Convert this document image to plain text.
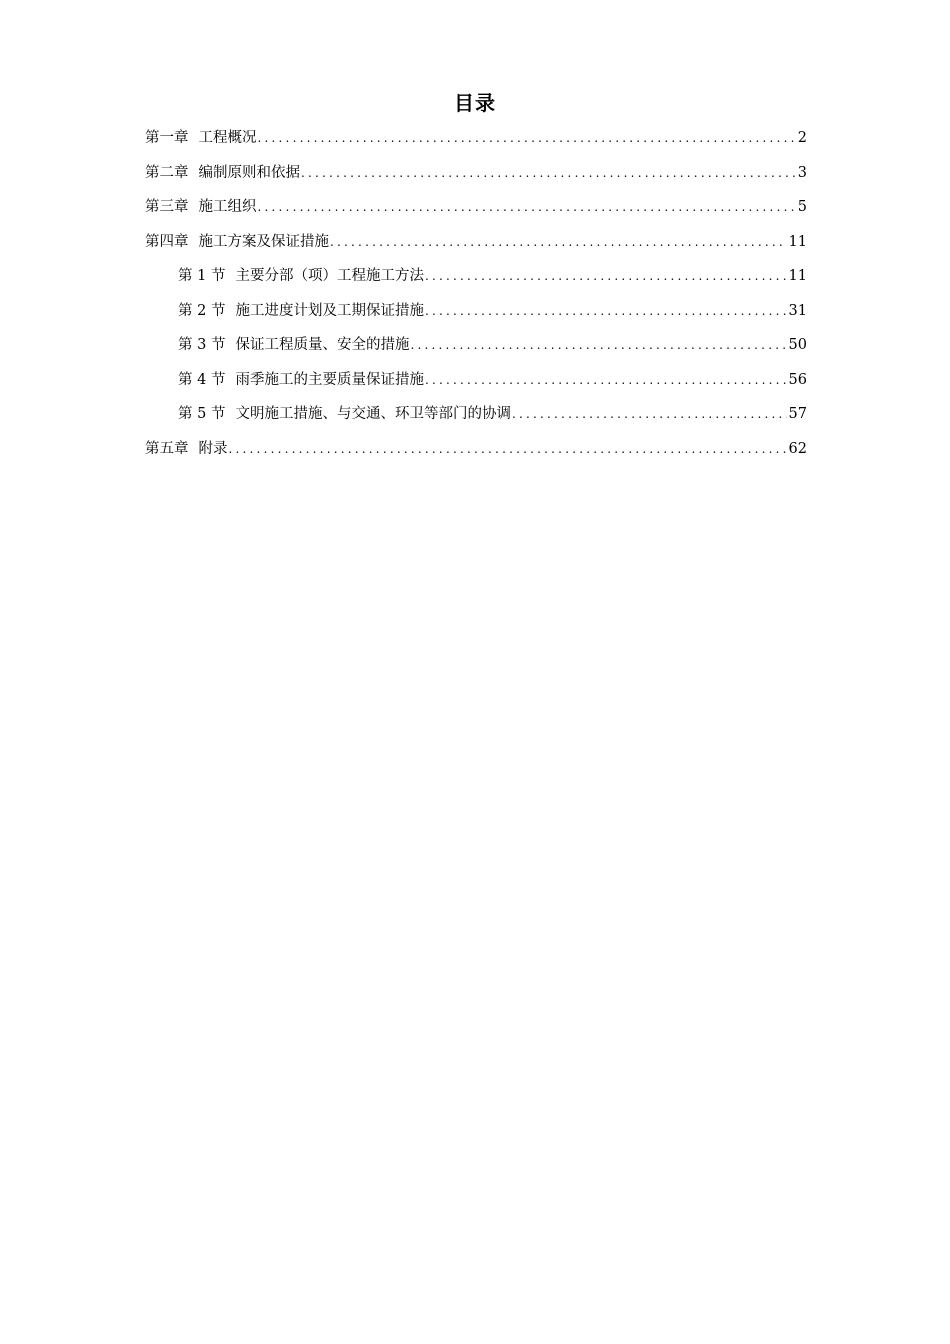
目录
第一章 工程概况 .....	2
第二章 编制原则和依据 .....	3
第三章 施工组织 .....	5
第四章 施工方案及保证措施 .....	11
第 1 节 主要分部（项）工程施工方法 .....	11
第 2 节 施工进度计划及工期保证措施 .....	31
第 3 节 保证工程质量、安全的措施 .....	50
第 4 节 雨季施工的主要质量保证措施 .....	56
第 5 节 文明施工措施、与交通、环卫等部门的协调 .....	57
第五章 附录 .....	62
